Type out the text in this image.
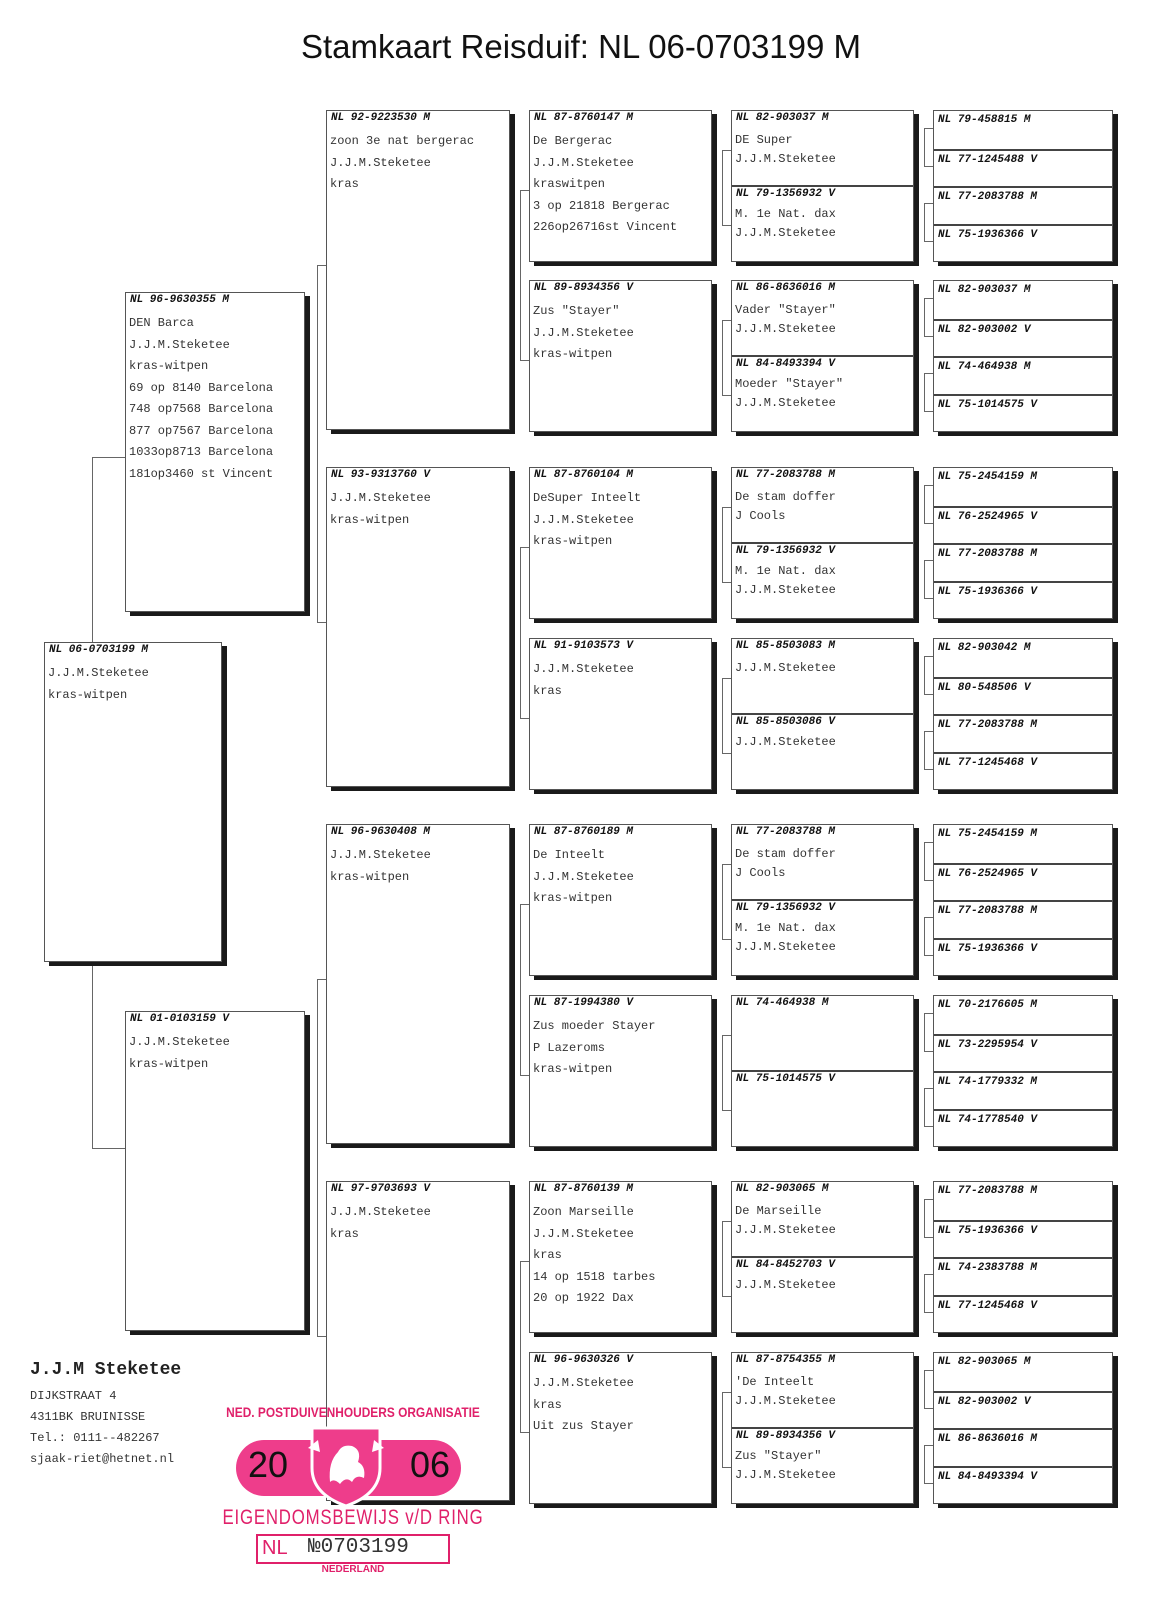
Stamkaart Reisduif: NL 06-0703199 M
NL 06-0703199 M
J.J.M.Steketee
kras-witpen
NL 96-9630355 M
DEN Barca
J.J.M.Steketee
kras-witpen
69 op 8140 Barcelona
748 op7568 Barcelona
877 op7567 Barcelona
1033op8713 Barcelona
181op3460 st Vincent
NL 01-0103159 V
J.J.M.Steketee
kras-witpen
NL 92-9223530 M
zoon 3e nat bergerac
J.J.M.Steketee
kras
NL 93-9313760 V
J.J.M.Steketee
kras-witpen
NL 96-9630408 M
J.J.M.Steketee
kras-witpen
NL 97-9703693 V
J.J.M.Steketee
kras
NL 87-8760147 M
De Bergerac
J.J.M.Steketee
kraswitpen
3 op 21818 Bergerac
226op26716st Vincent
NL 89-8934356 V
Zus "Stayer"
J.J.M.Steketee
kras-witpen
NL 87-8760104 M
DeSuper Inteelt
J.J.M.Steketee
kras-witpen
NL 91-9103573 V
J.J.M.Steketee
kras
NL 87-8760189 M
De Inteelt
J.J.M.Steketee
kras-witpen
NL 87-1994380 V
Zus moeder Stayer
P Lazeroms
kras-witpen
NL 87-8760139 M
Zoon Marseille
J.J.M.Steketee
kras
14 op 1518 tarbes
20 op 1922 Dax
NL 96-9630326 V
J.J.M.Steketee
kras
Uit zus Stayer
NL 82-903037 M
DE Super
J.J.M.Steketee
NL 79-1356932 V
M. 1e Nat. dax
J.J.M.Steketee
NL 86-8636016 M
Vader "Stayer"
J.J.M.Steketee
NL 84-8493394 V
Moeder "Stayer"
J.J.M.Steketee
NL 77-2083788 M
De stam doffer
J Cools
NL 79-1356932 V
M. 1e Nat. dax
J.J.M.Steketee
NL 85-8503083 M
J.J.M.Steketee
NL 85-8503086 V
J.J.M.Steketee
NL 77-2083788 M
De stam doffer
J Cools
NL 79-1356932 V
M. 1e Nat. dax
J.J.M.Steketee
NL 74-464938 M
NL 75-1014575 V
NL 82-903065 M
De Marseille
J.J.M.Steketee
NL 84-8452703 V
J.J.M.Steketee
NL 87-8754355 M
'De Inteelt
J.J.M.Steketee
NL 89-8934356 V
Zus "Stayer"
J.J.M.Steketee
NL 79-458815 M
NL 77-1245488 V
NL 77-2083788 M
NL 75-1936366 V
NL 82-903037 M
NL 82-903002 V
NL 74-464938 M
NL 75-1014575 V
NL 75-2454159 M
NL 76-2524965 V
NL 77-2083788 M
NL 75-1936366 V
NL 82-903042 M
NL 80-548506 V
NL 77-2083788 M
NL 77-1245468 V
NL 75-2454159 M
NL 76-2524965 V
NL 77-2083788 M
NL 75-1936366 V
NL 70-2176605 M
NL 73-2295954 V
NL 74-1779332 M
NL 74-1778540 V
NL 77-2083788 M
NL 75-1936366 V
NL 74-2383788 M
NL 77-1245468 V
NL 82-903065 M
NL 82-903002 V
NL 86-8636016 M
NL 84-8493394 V
J.J.M Steketee
DIJKSTRAAT 4
4311BK BRUINISSE
Tel.: 0111--482267
sjaak-riet@hetnet.nl
NED. POSTDUIVENHOUDERS ORGANISATIE
20	06
EIGENDOMSBEWIJS v/D RING
NL №0703199
NEDERLAND
